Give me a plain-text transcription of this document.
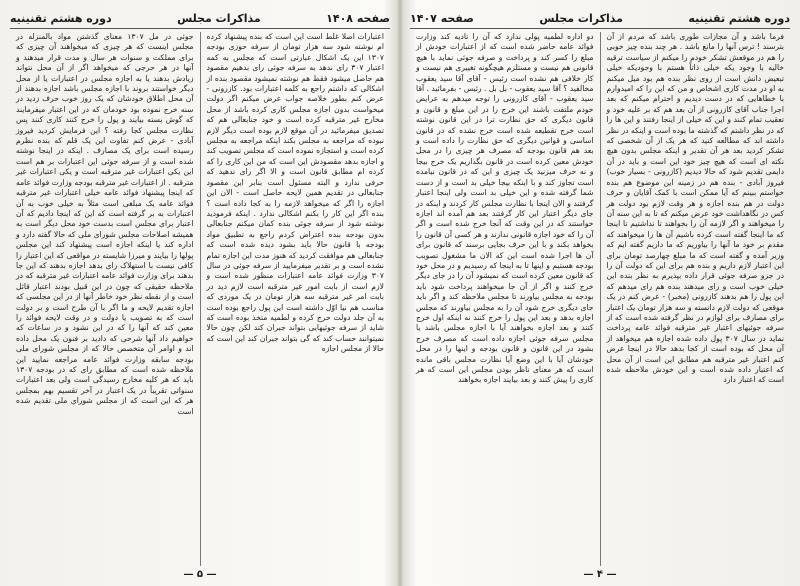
صفحه ۱۴۰۸
مذاکرات مجلس
دوره هشتم تقنینیه

اعتبارات اصلا غلط است این است که بنده پیشنهاد کرده ام نوشته شود سه هزار تومان از سرفه حوزی بودجه ۱۳۰۷ این یک اشکال عبارتی است که مجلس به کمه اعتبار ۳۰۷ رای ندهد به سرفه جوئی رای بدهیم مقصود هم حاصل میشود فقط هم نوشته نمیشود مقصود بنده از اشکالی که داشتم راجع به کلمه اعتبارات بود. کازرونی - عرض کنم بطور خلاصه جواب عرض میکنم اگر دولت میخواست بدون اجازه مجلس کاری کرده باشد از محل مخارج غیر مترقبه کرده است و خود جنابعالی هم که تصدیق میفرمائید در آن موقع لازم بوده است دیگر لازم نبوده که مراجعه به مجلس بکند اینکه مراجعه به مجلس کرده است و استجازه نموده است که مجلس تصویب کند و اجازه بدهد مقصودش این است که من این کاری را که کرده ام مطابق قانون است و الا اگر رای ندهید که حرفی ندارد و البته مسئول است بنابر این مقصود جنابعالی در تقدیم همین لایحه حاصل است - الان این اجازه را اگر که میخواهد لازمه را به کجا داده است ؟ بنده اگر این کار را بکنم اشکالی ندارد . اینکه فرمودید نوشته شود از سرفه جوئی بنده کمان میکنم جنابعالی بدون بودجه بنده اعتراض کردم راجع به تطبیق مواد بودجه با قانون حالا باید بشود دیده شده است که جنابعالی هم موافقت کردید که هنوز مدت این اجازه تمام نشده است و بر تقدیر میفرمایید از سرفه جوئی در سال ۳۰۷ وزارت فوائد عامه اعتبارات منظور شده است و لازم است از بابت امور غیر مترقبه است لازم دید در بابت امر غیر مترقبه سه هزار تومان در یک موردی که مناسب هم نیا اوّل داشته است این پول راجع بوده است به آن جلد دولت حرج کرده و لطمیه متخذ بوده است که شاید از سرفه جوئیهایی بتواند جبران کند لکن چون حالا نمیتوانند حساب کند که گی بتواند جبران کند این است که حالا از مجلس اجازه

جوئی در مل ۱۳۰۷ معنای گذشتن مواد بالمنزله در مجلس اینست که هر چیزی که میخواهند آن چیزی که برای مملکت و سنوات هر سال و مدت قرار میدهند و آنها در هر حرجی که میخواهد اگر از آن محل نتواند زیادش بدهند یا به اجازه مجلس در اعتبارات یا از محل دیگر خواستند بروند با اجازه مجلس باشد اجازه بدهند از آن محل اطلاق خودشان که یک روز خوب حرف زدید در سنه خرج نموده بود خودمان که در این اعتبار میفرمایند که گوش بسته بیایند و پول را خرج کنند کاری کنند پس نظارت مجلس کجا رفته ؟ این فرمایش کردید فیروز آبادی - عرض کنم تفاوت این یک قلم که بنده نظرم رسیده است برای یک مصارف . اینکه در اینجا نوشته شده است و از سرفه جوئی این اعتبارات بر هم است این یکی اعتبارات غیر مترقبه است و یکی اعتبارات غیر مترقبه . از اعتبارات غیر مترقبه بودجه وزارت فوائد عامه که اینجا پیشنهاد فوائد عامه خیلی اعتبارات غیر مترقبه فوائد عامه یک مبلغی است مثلاً به خیلی خوب به آن اعتبارات به بر گرفته است که این که اینجا دادیم که آن اعتبار برای مجلس است بدست خود محل دیگر است به همیشه اصلاحات مجلس شورای ملی که حالا گفته دارد و اداره کند یا اینکه اجازه است پیشنهاد کند این مجلس پولها را بیایند و میرزا شایسته در مواقعی که این اعتبار را کافی نیست با استهلاک رای بدهد اجازه بدهند که این جا بدهند برای وزارت فوائد عامه اعتبارات غیر مترقبه که در ملاحظه حقیقی که چون در این قبیل بودند اعتبار قائل است و از نقطه نظر خود خاطر آنها از در این مجلسی که اجازه تقدیم لایحه و ما اگر با آن طرح است و بر دولت است که به تصویب یا دولت و در وقت لایحه فوائد را معین کند که آنها را که در این نشود و در ساعات که خواهیم داد آنها شرحی که دادید بر فنون یک محل داده اند و اوامر آن متخصص حالا که از مجلس شورای ملی بودجه سابقه وزارت فوائد عامه مراجعه نمایید این ملاحظه شده است که مطابق رای که در بودجه ۱۳۰۷ باید که هر کلیه مخارج رسیدگی است ولی بعد اعتبارات سنواتی تقریباً در یک اعتبار در آخر تقسیم بهم بمجلس هر که این است که از مجلس شورای ملی تقدیم شده است

— ۵ —
دوره هشتم تقنینیه
مذاکرات مجلس
صفحه ۱۴۰۷

فرما باشد و آن مجازات طوری باشد که مردم از آن بترسند ! ترس آنها را مانع باشد . هر چند بنده چیز خوبی را هم در موقعش تشکر خودم را میکنم از سیاست ترقیه خالیه با وجود یکه خیلی ذاتاً هستم با وجودیکه خیلی تبعیض دانش است از روی نظر بنده هم بود میل میکنم به او در مدت کاری اشخاص و من که این را که امیدوارم با خطاهایی که در دست دیدیم و احترام میکنم که بعد اجرا جناب آقای کازرونی از آن بعد هم که بر علیه خود و تعقیب تمام کنند و این که خیلی از اینجا رفتند و این ها را که در نظر داشتم که گذشته ما بوده است و اینکه در نظر داشته اند که مطالعه کنید که هر یک از آن شخصی که تشکر کردید بعد هر آن تقدیر و اینکه مجلس بدون هیچ نکته ای است که هیچ چیز خود این است و باید در آن دایمی تقدیم شود که حالا دیدیم (کازرونی - بسیار خوب) فیروز آبادی - بنده هم در زمینه این موضوع هم بنده خواستم ببینم که آیا ممکن است با کمک آقایان و حرف دولت در هم بنده اجازه و هر وقت لازم بود دولت هر کس در نگاهداشت خود عرض میکنم که تا به این سنه آن را میخواهند و اگر لازمه آن را بخواهند تا نداشتیم تا اینجا که ما اینجا گفته است کرده باشیم آن ها را میخواهند که مقدم بر خود ما آنها را بیاوریم که ما داریم گفته ایم که وزیر آمده و گفته است که ما مبلغ چهارصد تومان برای این اعتبار لازم داریم و بنده هم برای این که دولت آن را در جزو صرفه جوئی قرار داده بپذیرم به نظر بنده این خیلی خوب است و رای میدهند بنده هم رای میدهم که این پول را هم بدهند کازرونی (مخبر) - عرض کنم در یک موقعی که دولت لازم دانسته و سه هزار تومان یک اعتبار برای مصارف برای لوازم در نظر گرفته شده است که از سرفه جوئیهای اعتبار غیر مترقبه فوائد عامه پرداخت نماید در سال ۳۰۷ پول داده شده اجازه هم میخواهد از آن محل که بوده است از کجا بدهد حالا در اینجا عرض کنم اعتبار غیر مترقبه هم مطابق این است از آن محل که اعتبار داده شده است و این خودش ملاحظه شده است که اعتبار دارد

دو اداره لطمیه پولی ندارد که آن را تادیه کند وزارت فوائد عامه حاضر شده است که از اعتبارات خودش از مبلغ را کسر کند و پرداخت و صرفه جوئی نماید با هیچ قانونی هم نیست و مستلزم هیچگونه تغییری هم نیست و کار خلافی هم نشده است رئیس - آقای آقا سید یعقوب مخالفید ؟ آقا سید یعقوب - بل بل . رئیس - بفرمائید . آقا سید یعقوب - آقای کازرونی را توجه میدهم به عرایض خودم ملتفت باشند این خرج را در این مبلغ و قانون و قانون دیگری که حق نظارت ترا در این قانون نوشته است خرج تقطیعه شده است خرج نشده که در قانون اساسی و قوانین دیگری که حق نظارت را داده است و بعد هم قانون بودجه که مصرف هر چیزی را در محل خودش معین کرده است در قانون بگذاریم یک خرج بیجا و نه حرف میزنید یک چیزی و این که در قانون نیامده است تجاوز کند و با اینکه بیجا خیلی بد است و از دست شما گرفته شده و این خیلی بد است ولی اینجا اعتبار گرفتند و الان اینجا با نظارت مجلس کار کردند و اینکه در جای دیگر اعتبار این کار گرفتند بعد هم آمده اند اجازه خواستند که در این وقت که آنجا خرج شده است و اگر آن را که خود اجازه قانونی ندارند و هر کسی آن قانون را بخواهد بکند و با این حرف بجایی برسند که قانون برای آن ها اجرا شده است این که الان ما مشغول تصویب بودجه هستیم و اینها تا به اینجا که رسیدیم و در محل خود که قانون معین کرده است که نمیشود آن را در جای دیگر خرج کنند و اگر از آن جا میخواهند پرداخت شود باید بودجه به مجلس بیاورند تا مجلس ملاحظه کند و اگر باید جای دیگری خرج شود آن را به مجلس بیاورند که مجلس اجازه بدهد و بعد این پول را خرج کنند نه اینکه اول خرج کنند و بعد اجازه بخواهند آیا با اجازه مجلس باشد یا مجلس سرفه جوئی اجازه داده است که مصرف خرج بشود در این قانون و قانون بودجه و اینها را در محل خودشان آیا با این وضع آیا نظارت مجلس باقی مانده است که هر معنای ناظر بودن مجلس این است که هر کاری را پیش کنند و بعد بیایند اجازه بخواهند

— ۴ —
